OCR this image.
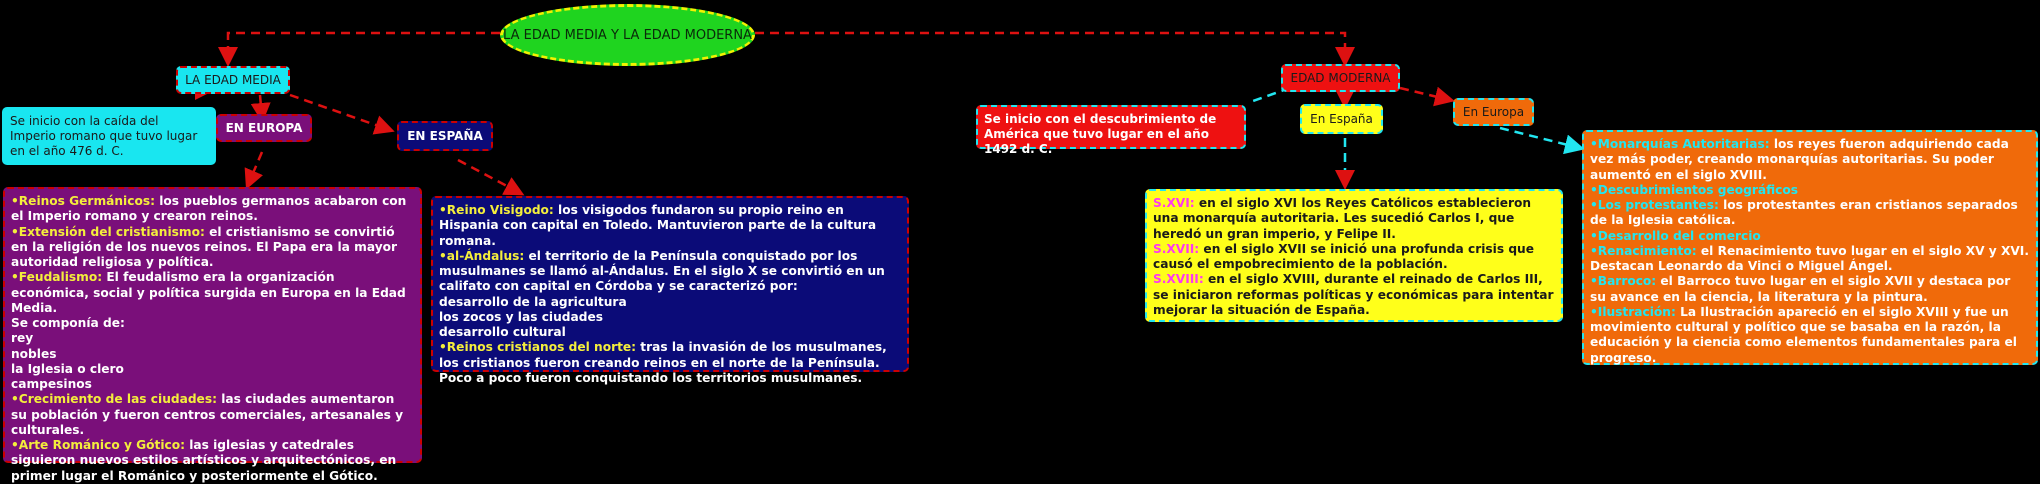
LA EDAD MEDIA Y LA EDAD MODERNA
LA EDAD MEDIA
Se inicio con la caída del Imperio romano que tuvo lugar en el año 476 d. C.
EN EUROPA
EN ESPAÑA
•Reinos Germánicos: los pueblos germanos acabaron con el Imperio romano y crearon reinos.
•Extensión del cristianismo: el cristianismo se convirtió en la religión de los nuevos reinos. El Papa era la mayor autoridad religiosa y política.
•Feudalismo: El feudalismo era la organización económica, social y política surgida en Europa en la Edad Media.
Se componía de:
rey
nobles
la Iglesia o clero
campesinos
•Crecimiento de las ciudades: las ciudades aumentaron su población y fueron centros comerciales, artesanales y culturales.
•Arte Románico y Gótico: las iglesias y catedrales siguieron nuevos estilos artísticos y arquitectónicos, en primer lugar el Románico y posteriormente el Gótico.
•Reino Visigodo: los visigodos fundaron su propio reino en Hispania con capital en Toledo. Mantuvieron parte de la cultura romana.
•al-Ándalus: el territorio de la Península conquistado por los musulmanes se llamó al-Ándalus. En el siglo X se convirtió en un califato con capital en Córdoba y se caracterizó por:
desarrollo de la agricultura
los zocos y las ciudades
desarrollo cultural
•Reinos cristianos del norte: tras la invasión de los musulmanes, los cristianos fueron creando reinos en el norte de la Península. Poco a poco fueron conquistando los territorios musulmanes.
EDAD MODERNA
Se inicio con el descubrimiento de América que tuvo lugar en el año 1492 d. C.
En España	En Europa
S.XVI: en el siglo XVI los Reyes Católicos establecieron una monarquía autoritaria. Les sucedió Carlos I, que heredó un gran imperio, y Felipe II.
S.XVII: en el siglo XVII se inició una profunda crisis que causó el empobrecimiento de la población.
S.XVIII: en el siglo XVIII, durante el reinado de Carlos III, se iniciaron reformas políticas y económicas para intentar mejorar la situación de España.
•Monarquías Autoritarias: los reyes fueron adquiriendo cada vez más poder, creando monarquías autoritarias. Su poder aumentó en el siglo XVIII.
•Descubrimientos geográficos
•Los protestantes: los protestantes eran cristianos separados de la Iglesia católica.
•Desarrollo del comercio
•Renacimiento: el Renacimiento tuvo lugar en el siglo XV y XVI. Destacan Leonardo da Vinci o Miguel Ángel.
•Barroco: el Barroco tuvo lugar en el siglo XVII y destaca por su avance en la ciencia, la literatura y la pintura.
•Ilustración: La Ilustración apareció en el siglo XVIII y fue un movimiento cultural y político que se basaba en la razón, la educación y la ciencia como elementos fundamentales para el progreso.
